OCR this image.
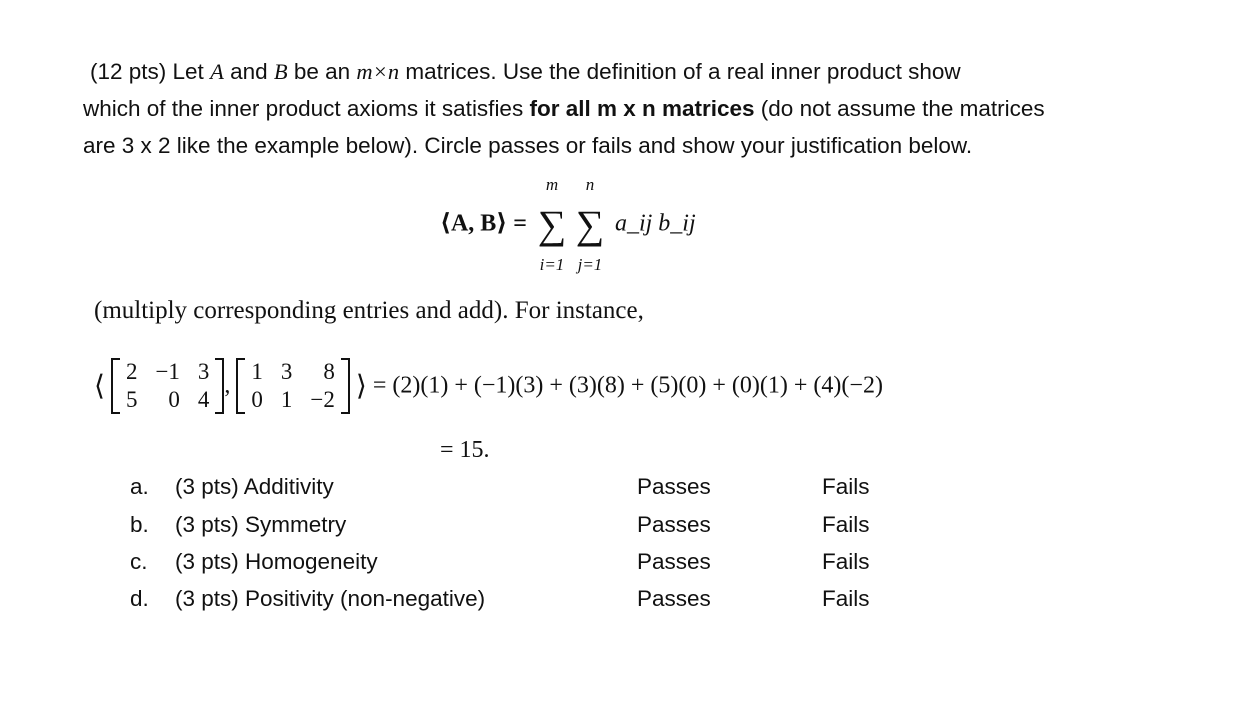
(12 pts) Let A and B be an m×n matrices. Use the definition of a real inner product show
which of the inner product axioms it satisfies for all m x n matrices (do not assume the matrices
are 3 x 2 like the example below). Circle passes or fails and show your justification below.
⟨A, B⟩ =
m
∑
i=1
n
∑
j=1
a_ij b_ij
(multiply corresponding entries and add). For instance,
⟨ 2	−1	3
5	0	4
,
1	3	8
0	1	−2 ⟩ = (2)(1) + (−1)(3) + (3)(8) + (5)(0) + (0)(1) + (4)(−2)
= 15.
a. (3 pts) Additivity	Passes	Fails
b. (3 pts) Symmetry	Passes	Fails
c. (3 pts) Homogeneity	Passes	Fails
d. (3 pts) Positivity (non-negative)	Passes	Fails
